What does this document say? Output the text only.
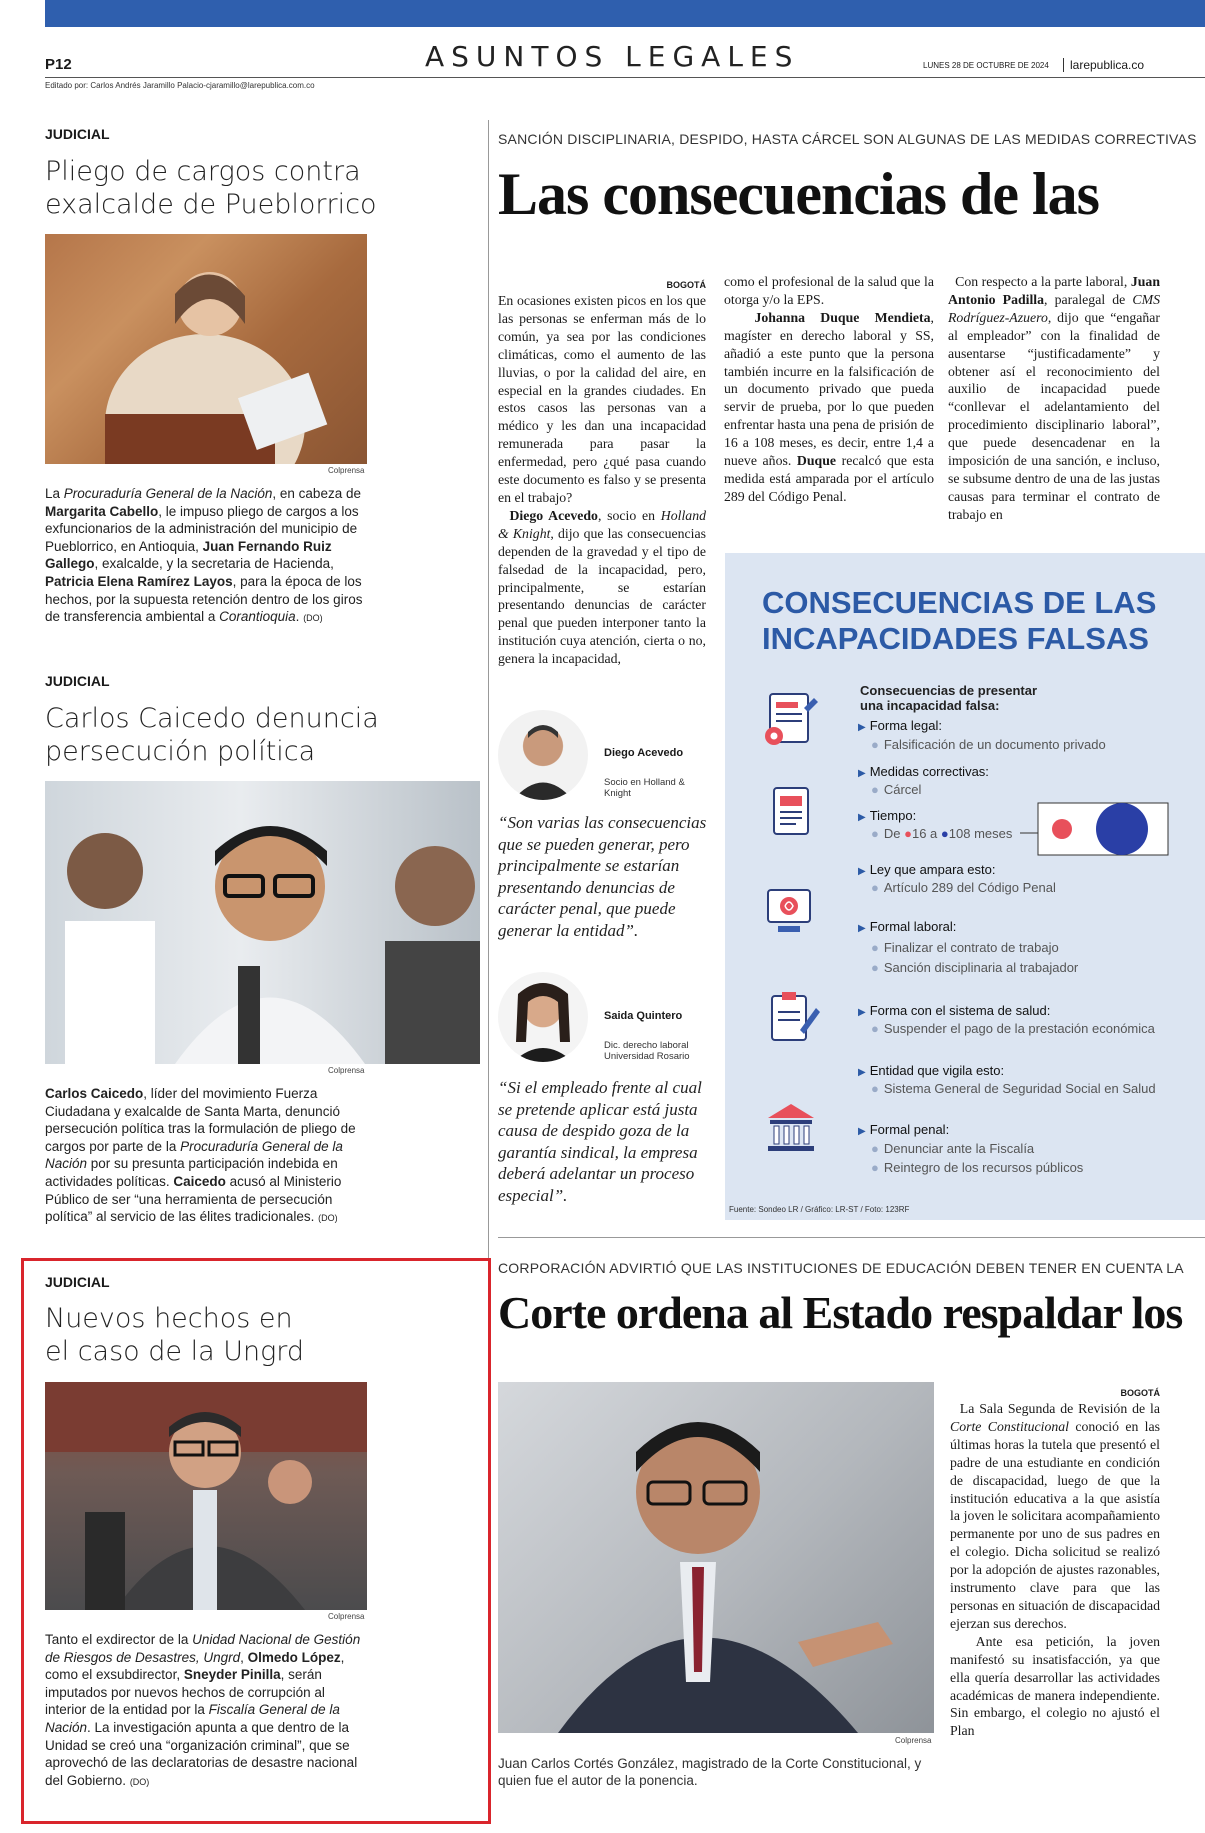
P12	ASUNTOS LEGALES	LUNES 28 DE OCTUBRE DE 2024	larepublica.co
Editado por: Carlos Andrés Jaramillo Palacio-cjaramillo@larepublica.com.co
JUDICIAL
Pliego de cargos contra
exalcalde de Pueblorrico
Colprensa
La Procuraduría General de la Nación, en cabeza de Margarita Cabello, le impuso pliego de cargos a los exfuncionarios de la administración del municipio de Pueblorrico, en Antioquia, Juan Fernando Ruiz Gallego, exalcalde, y la secretaria de Hacienda, Patricia Elena Ramírez Layos, para la época de los hechos, por la supuesta retención dentro de los giros de transferencia ambiental a Corantioquia. (DO)
JUDICIAL
Carlos Caicedo denuncia
persecución política
Colprensa
Carlos Caicedo, líder del movimiento Fuerza Ciudadana y exalcalde de Santa Marta, denunció persecución política tras la formulación de pliego de cargos por parte de la Procuraduría General de la Nación por su presunta participación indebida en actividades políticas. Caicedo acusó al Ministerio Público de ser “una herramienta de persecución política” al servicio de las élites tradicionales. (DO)
JUDICIAL
Nuevos hechos en
el caso de la Ungrd
Colprensa
Tanto el exdirector de la Unidad Nacional de Gestión de Riesgos de Desastres, Ungrd, Olmedo López, como el exsubdirector, Sneyder Pinilla, serán imputados por nuevos hechos de corrupción al interior de la entidad por la Fiscalía General de la Nación. La investigación apunta a que dentro de la Unidad se creó una “organización criminal”, que se aprovechó de las declaratorias de desastre nacional del Gobierno. (DO)
SANCIÓN DISCIPLINARIA, DESPIDO, HASTA CÁRCEL SON ALGUNAS DE LAS MEDIDAS CORRECTIVAS
Las consecuencias de las
BOGOTÁ
En ocasiones existen picos en los que las personas se enferman más de lo común, ya sea por las condiciones climáticas, como el aumento de las lluvias, o por la calidad del aire, en especial en la grandes ciudades. En estos casos las personas van a médico y les dan una incapacidad remunerada para pasar la enfermedad, pero ¿qué pasa cuando este documento es falso y se presenta en el trabajo?
Diego Acevedo, socio en Holland & Knight, dijo que las consecuencias dependen de la gravedad y el tipo de falsedad de la incapacidad, pero, principalmente, se estarían presentando denuncias de carácter penal que pueden interponer tanto la institución cuya atención, cierta o no, genera la incapacidad,
como el profesional de la salud que la otorga y/o la EPS.
Johanna Duque Mendieta, magíster en derecho laboral y SS, añadió a este punto que la persona también incurre en la falsificación de un documento privado que pueda servir de prueba, por lo que pueden enfrentar hasta una pena de prisión de 16 a 108 meses, es decir, entre 1,4 a nueve años. Duque recalcó que esta medida está amparada por el artículo 289 del Código Penal.
Con respecto a la parte laboral, Juan Antonio Padilla, paralegal de CMS Rodríguez-Azuero, dijo que “engañar al empleador” con la finalidad de ausentarse “justificadamente” y obtener así el reconocimiento del auxilio de incapacidad puede “conllevar el adelantamiento del procedimiento disciplinario laboral”, que puede desencadenar en la imposición de una sanción, e incluso, se subsume dentro de una de las justas causas para terminar el contrato de trabajo en
Diego Acevedo
Socio en Holland & Knight
“Son varias las consecuencias que se pueden generar, pero principalmente se estarían presentando denuncias de carácter penal, que puede generar la entidad”.
Saida Quintero
Dic. derecho laboral Universidad Rosario
“Si el empleado frente al cual se pretende aplicar está justa causa de despido goza de la garantía sindical, la empresa deberá adelantar un proceso especial”.
CONSECUENCIAS DE LAS INCAPACIDADES FALSAS
Consecuencias de presentar una incapacidad falsa:
▶ Forma legal:
● Falsificación de un documento privado
▶ Medidas correctivas:
● Cárcel
▶ Tiempo:
● De ●16 a ●108 meses
▶ Ley que ampara esto:
● Artículo 289 del Código Penal
▶ Formal laboral:
● Finalizar el contrato de trabajo
● Sanción disciplinaria al trabajador
▶ Forma con el sistema de salud:
● Suspender el pago de la prestación económica
▶ Entidad que vigila esto:
● Sistema General de Seguridad Social en Salud
▶ Formal penal:
● Denunciar ante la Fiscalía
● Reintegro de los recursos públicos
Fuente: Sondeo LR / Gráfico: LR-ST / Foto: 123RF
CORPORACIÓN ADVIRTIÓ QUE LAS INSTITUCIONES DE EDUCACIÓN DEBEN TENER EN CUENTA LA
Corte ordena al Estado respaldar los
Colprensa
Juan Carlos Cortés González, magistrado de la Corte Constitucional, y
quien fue el autor de la ponencia.
BOGOTÁ
La Sala Segunda de Revisión de la Corte Constitucional conoció en las últimas horas la tutela que presentó el padre de una estudiante en condición de discapacidad, luego de que la institución educativa a la que asistía la joven le solicitara acompañamiento permanente por uno de sus padres en el colegio. Dicha solicitud se realizó por la adopción de ajustes razonables, instrumento clave para que las personas en situación de discapacidad ejerzan sus derechos.
Ante esa petición, la joven manifestó su insatisfacción, ya que ella quería desarrollar las actividades académicas de manera independiente. Sin embargo, el colegio no ajustó el Plan
